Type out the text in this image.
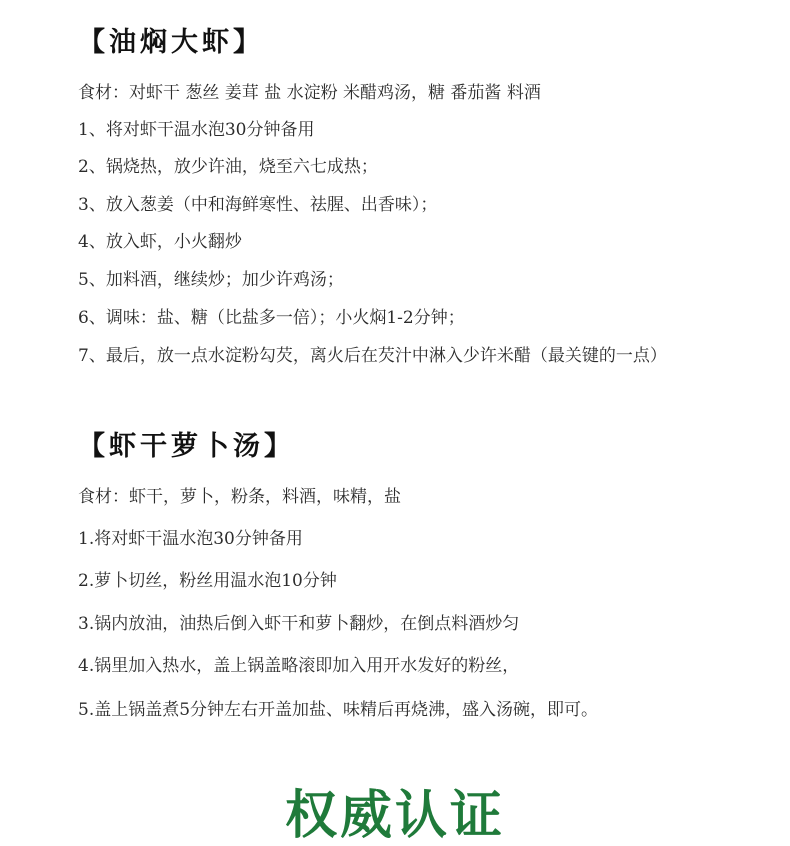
【油焖大虾】
食材：对虾干 葱丝 姜茸 盐 水淀粉 米醋鸡汤，糖 番茄酱 料酒
1、将对虾干温水泡30分钟备用
2、锅烧热，放少许油，烧至六七成热；
3、放入葱姜（中和海鲜寒性、祛腥、出香味）；
4、放入虾，小火翻炒
5、加料酒，继续炒；加少许鸡汤；
6、调味：盐、糖（比盐多一倍）；小火焖1-2分钟；
7、最后，放一点水淀粉勾芡，离火后在芡汁中淋入少许米醋（最关键的一点）
【虾干萝卜汤】
食材：虾干，萝卜，粉条，料酒，味精，盐
1.将对虾干温水泡30分钟备用
2.萝卜切丝，粉丝用温水泡10分钟
3.锅内放油，油热后倒入虾干和萝卜翻炒，在倒点料酒炒匀
4.锅里加入热水，盖上锅盖略滚即加入用开水发好的粉丝，
5.盖上锅盖煮5分钟左右开盖加盐、味精后再烧沸，盛入汤碗，即可。
权威认证
